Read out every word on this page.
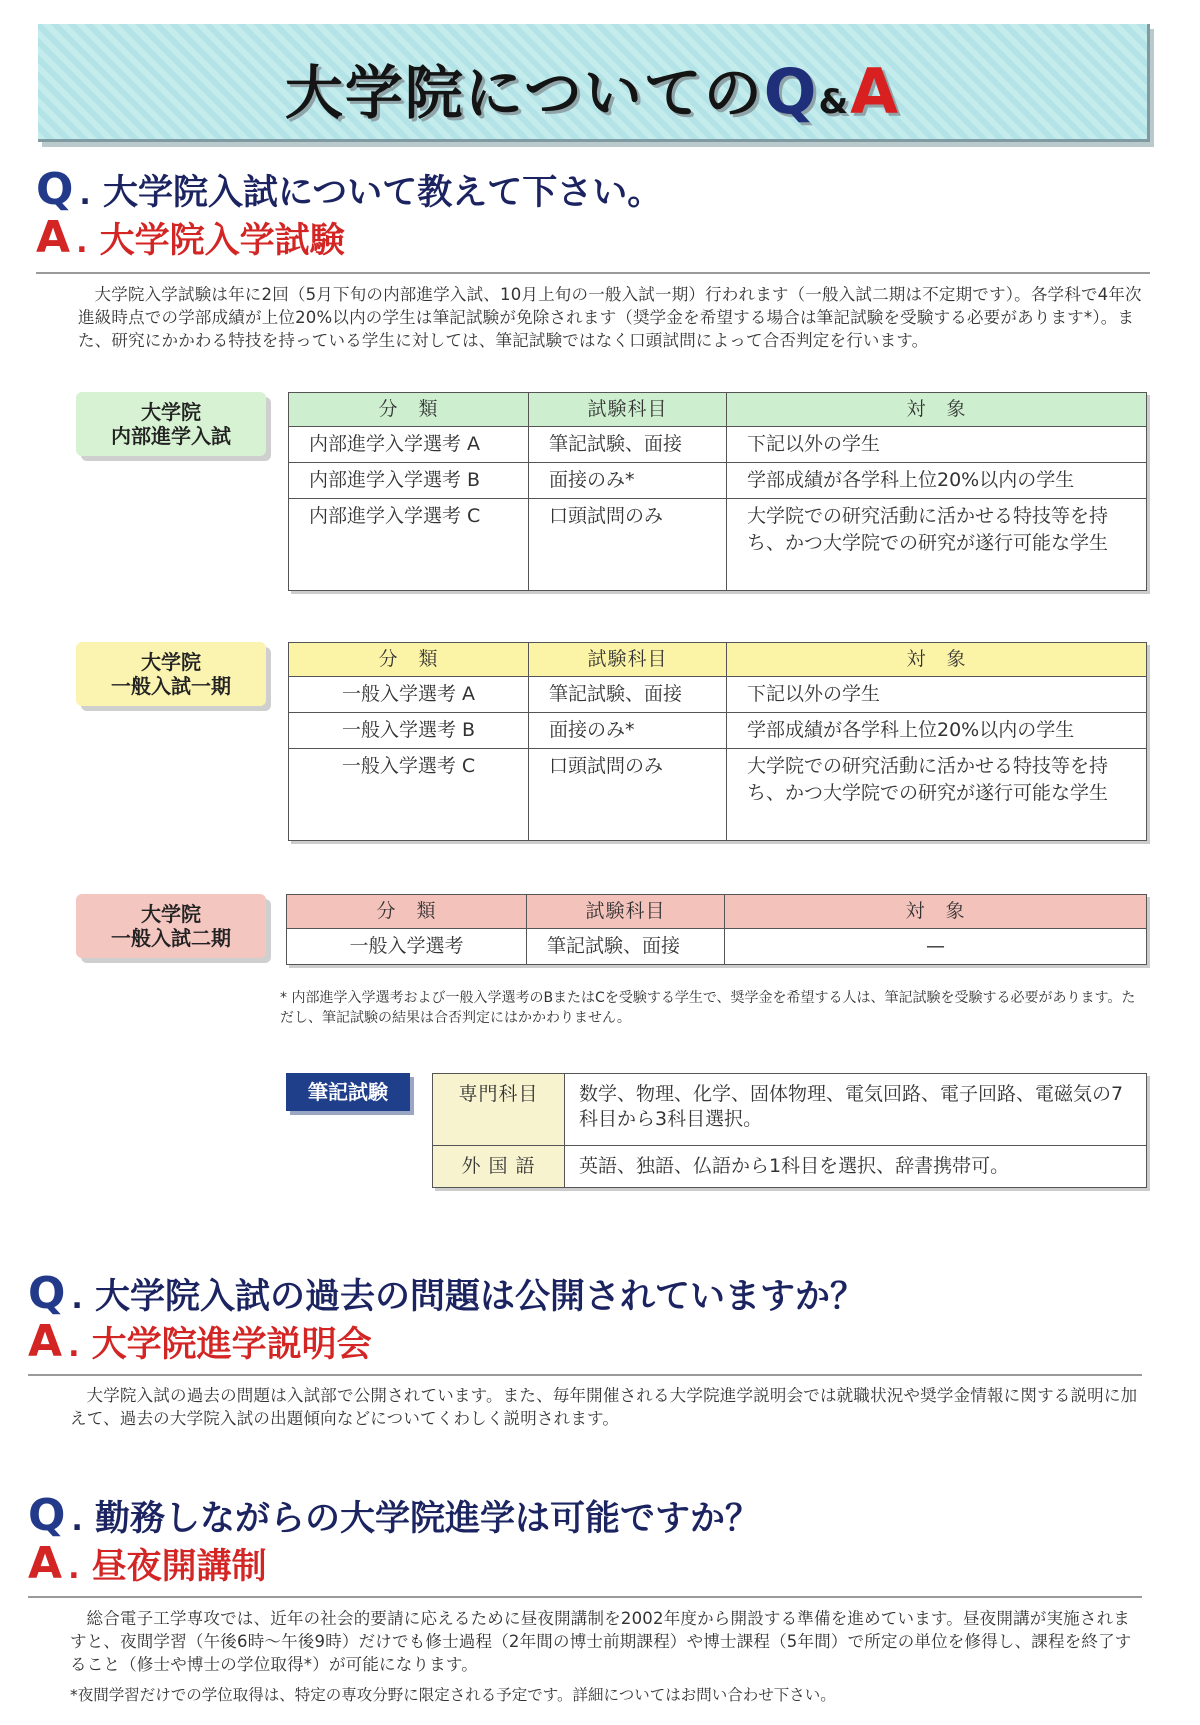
大学院についてのQ&A
Q . 大学院入試について教えて下さい。
A . 大学院入学試験
大学院入学試験は年に2回（5月下旬の内部進学入試、10月上旬の一般入試一期）行われます（一般入試二期は不定期です）。各学科で4年次進級時点での学部成績が上位20%以内の学生は筆記試験が免除されます（奨学金を希望する場合は筆記試験を受験する必要があります*）。また、研究にかかわる特技を持っている学生に対しては、筆記試験ではなく口頭試問によって合否判定を行います。
大学院
内部進学入試
分　類	試験科目	対　象
内部進学入学選考 A	筆記試験、面接	下記以外の学生
内部進学入学選考 B	面接のみ*	学部成績が各学科上位20%以内の学生
内部進学入学選考 C	口頭試問のみ	大学院での研究活動に活かせる特技等を持ち、かつ大学院での研究が遂行可能な学生
大学院
一般入試一期
分　類	試験科目	対　象
一般入学選考 A	筆記試験、面接	下記以外の学生
一般入学選考 B	面接のみ*	学部成績が各学科上位20%以内の学生
一般入学選考 C	口頭試問のみ	大学院での研究活動に活かせる特技等を持ち、かつ大学院での研究が遂行可能な学生
大学院
一般入試二期
分　類	試験科目	対　象
一般入学選考	筆記試験、面接	—
* 内部進学入学選考および一般入学選考のBまたはCを受験する学生で、奨学金を希望する人は、筆記試験を受験する必要があります。ただし、筆記試験の結果は合否判定にはかかわりません。
筆記試験	専門科目	数学、物理、化学、固体物理、電気回路、電子回路、電磁気の7科目から3科目選択。
外 国 語	英語、独語、仏語から1科目を選択、辞書携帯可。
Q . 大学院入試の過去の問題は公開されていますか？
A . 大学院進学説明会
大学院入試の過去の問題は入試部で公開されています。また、毎年開催される大学院進学説明会では就職状況や奨学金情報に関する説明に加えて、過去の大学院入試の出題傾向などについてくわしく説明されます。
Q . 勤務しながらの大学院進学は可能ですか？
A . 昼夜開講制
総合電子工学専攻では、近年の社会的要請に応えるために昼夜開講制を2002年度から開設する準備を進めています。昼夜開講が実施されますと、夜間学習（午後6時～午後9時）だけでも修士過程（2年間の博士前期課程）や博士課程（5年間）で所定の単位を修得し、課程を終了すること（修士や博士の学位取得*）が可能になります。
*夜間学習だけでの学位取得は、特定の専攻分野に限定される予定です。詳細についてはお問い合わせ下さい。
